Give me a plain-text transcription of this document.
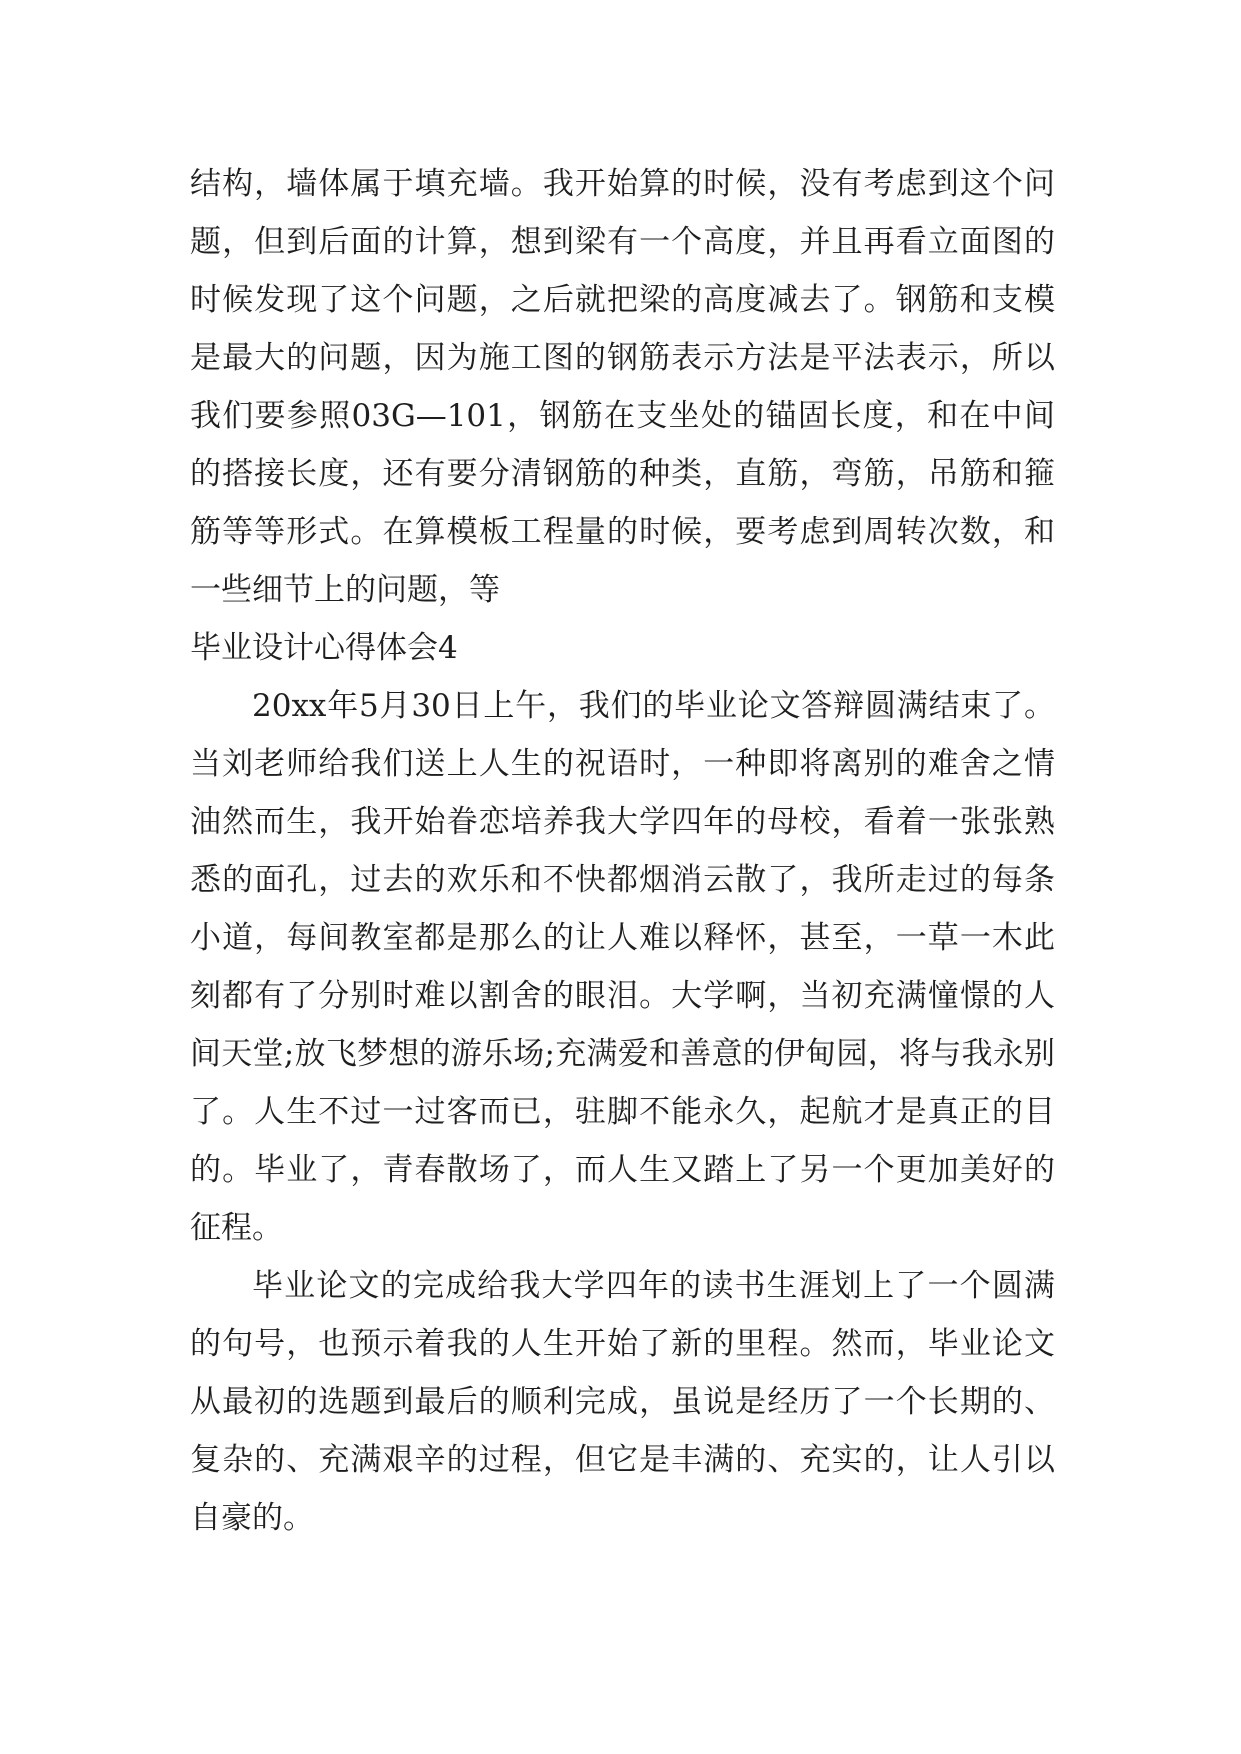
结构，墙体属于填充墙。我开始算的时候，没有考虑到这个问题，但到后面的计算，想到梁有一个高度，并且再看立面图的时候发现了这个问题，之后就把梁的高度减去了。钢筋和支模是最大的问题，因为施工图的钢筋表示方法是平法表示，所以我们要参照03G—101，钢筋在支坐处的锚固长度，和在中间的搭接长度，还有要分清钢筋的种类，直筋，弯筋，吊筋和箍筋等等形式。在算模板工程量的时候，要考虑到周转次数，和一些细节上的问题，等

毕业设计心得体会4

20xx年5月30日上午，我们的毕业论文答辩圆满结束了。当刘老师给我们送上人生的祝语时，一种即将离别的难舍之情油然而生，我开始眷恋培养我大学四年的母校，看着一张张熟悉的面孔，过去的欢乐和不快都烟消云散了，我所走过的每条小道，每间教室都是那么的让人难以释怀，甚至，一草一木此刻都有了分别时难以割舍的眼泪。大学啊，当初充满憧憬的人间天堂;放飞梦想的游乐场;充满爱和善意的伊甸园，将与我永别了。人生不过一过客而已，驻脚不能永久，起航才是真正的目的。毕业了，青春散场了，而人生又踏上了另一个更加美好的征程。

毕业论文的完成给我大学四年的读书生涯划上了一个圆满的句号，也预示着我的人生开始了新的里程。然而，毕业论文从最初的选题到最后的顺利完成，虽说是经历了一个长期的、复杂的、充满艰辛的过程，但它是丰满的、充实的，让人引以自豪的。
